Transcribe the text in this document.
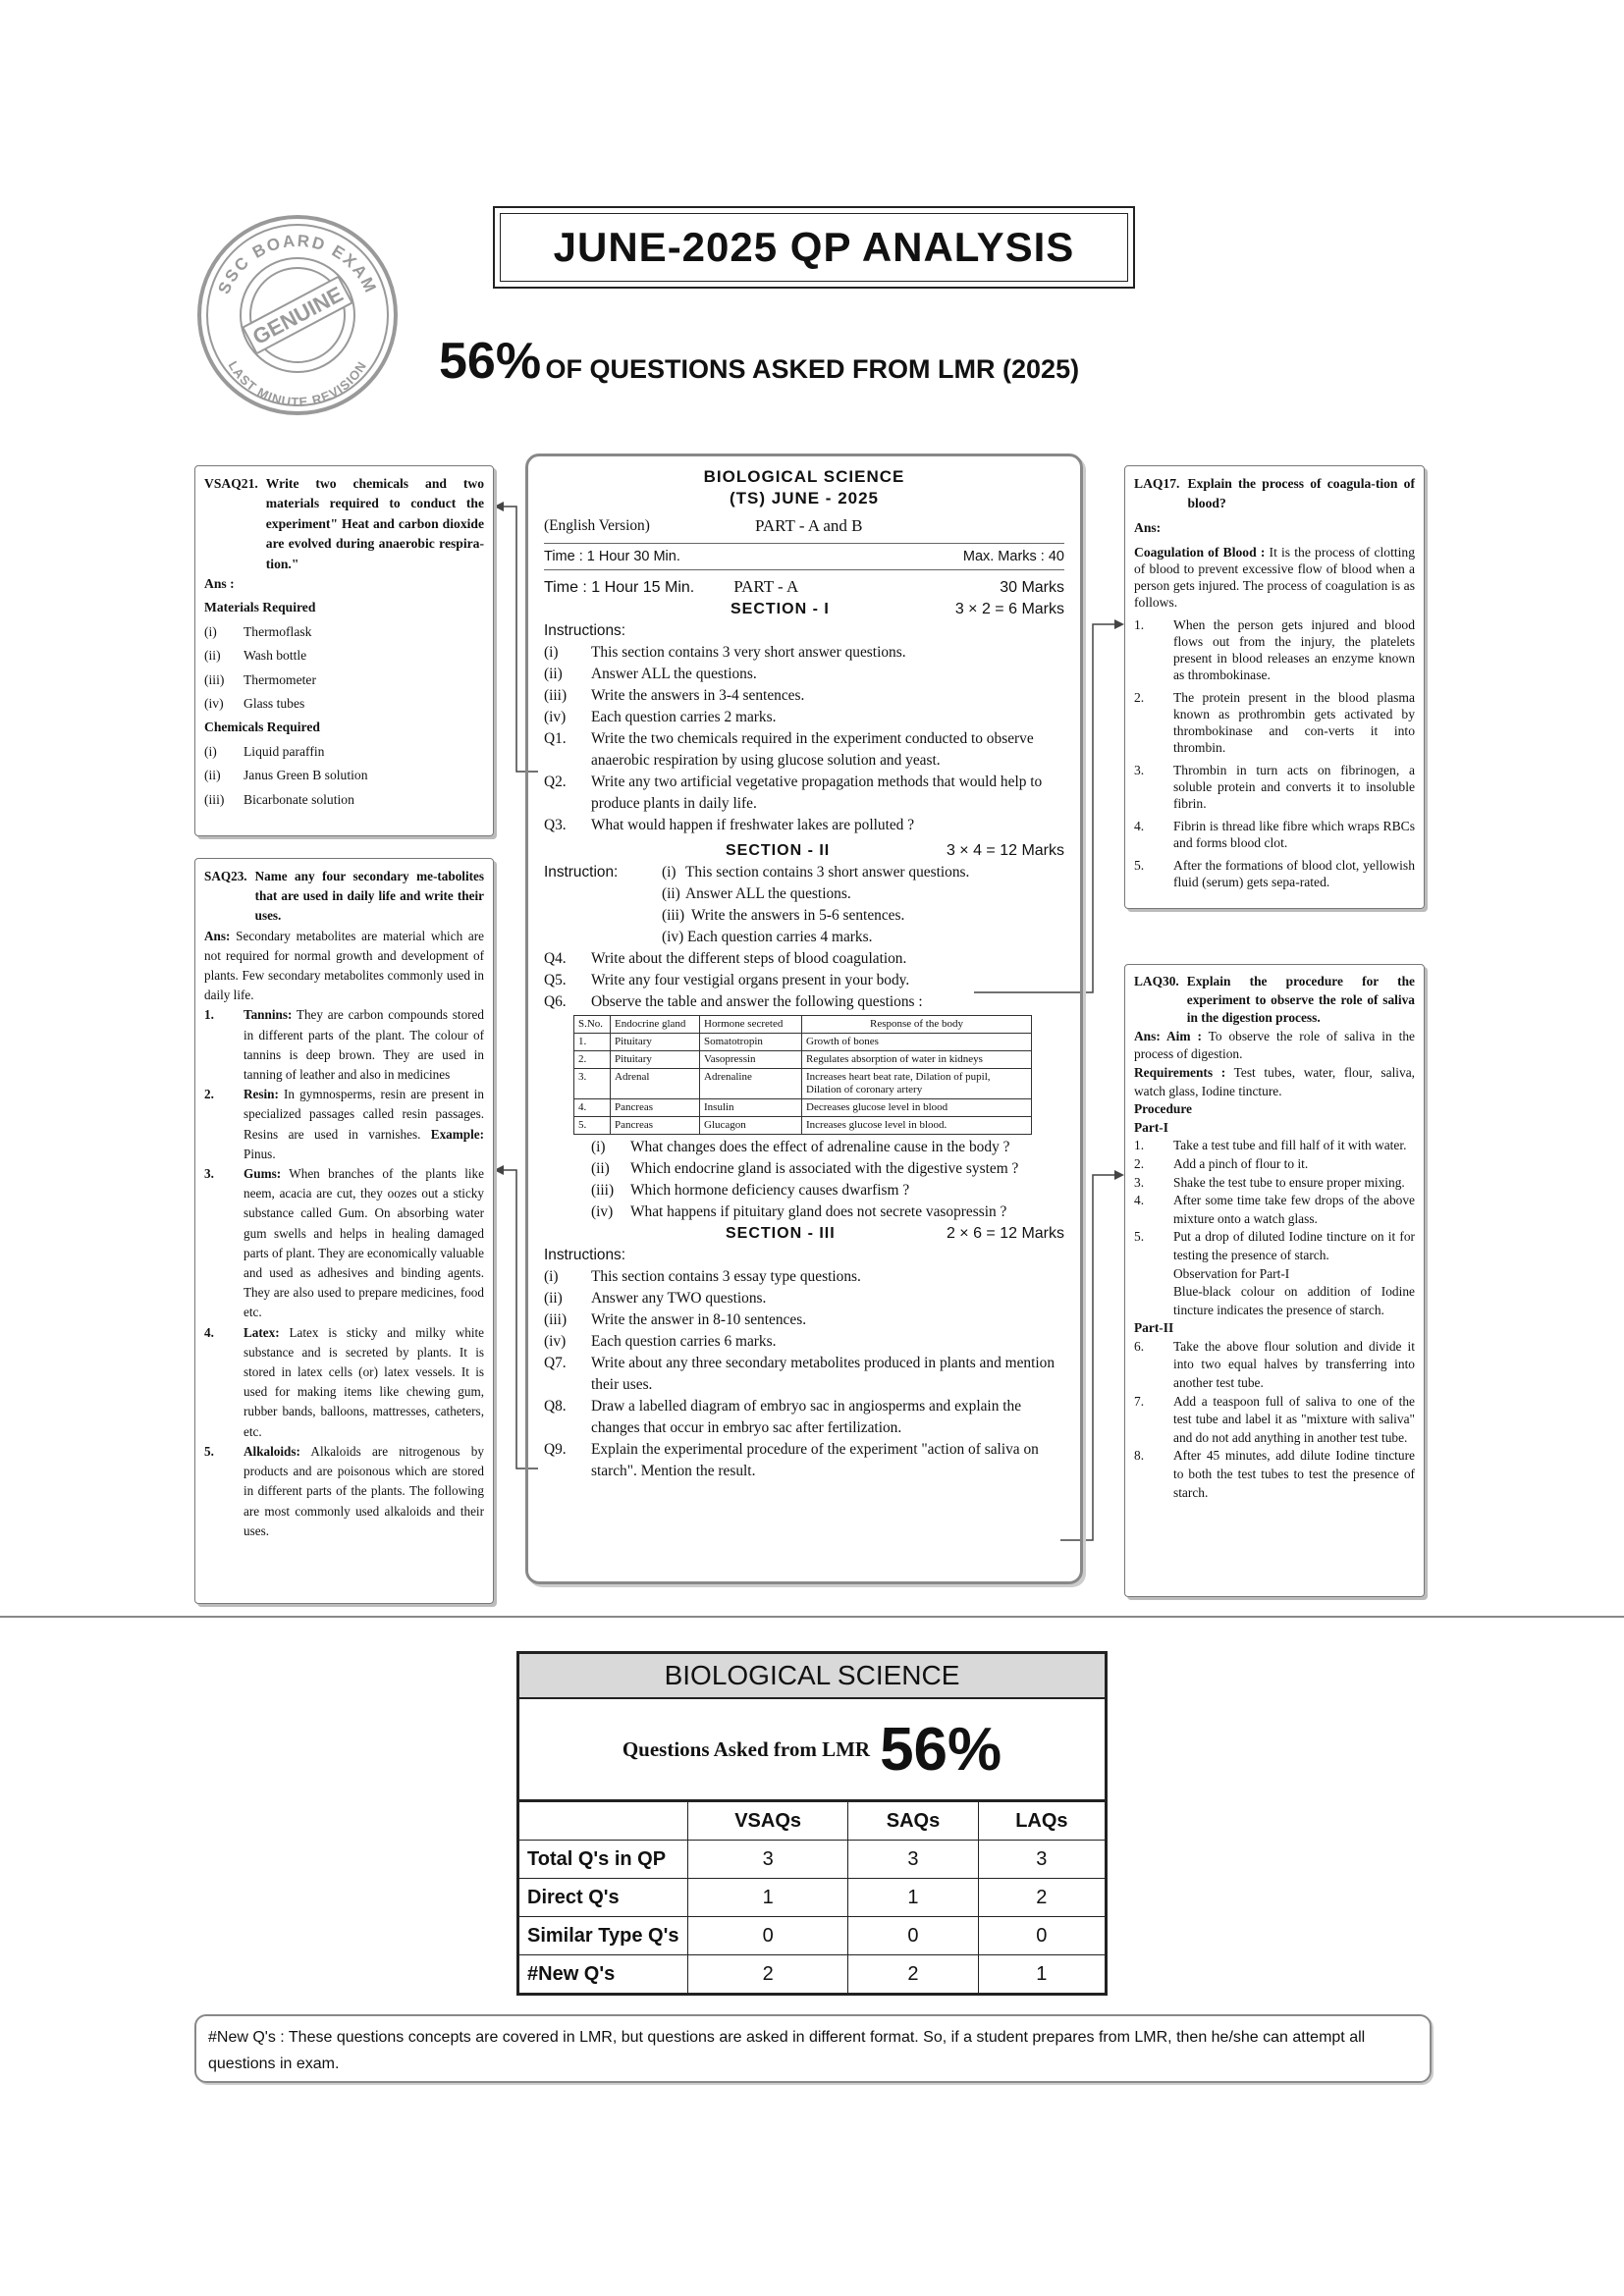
SSC BOARD EXAM
GENUINE
LAST MINUTE REVISION
JUNE-2025 QP ANALYSIS
56% OF QUESTIONS ASKED FROM LMR (2025)
VSAQ21. Write two chemicals and two materials required to conduct the experiment" Heat and carbon dioxide are evolved during anaerobic respira-tion."
Ans :
Materials Required
(i)	Thermoflask
(ii)	Wash bottle
(iii)	Thermometer
(iv)	Glass tubes
Chemicals Required
(i)	Liquid paraffin
(ii)	Janus Green B solution
(iii)	Bicarbonate solution
SAQ23. Name any four secondary me-tabolites that are used in daily life and write their uses.

Ans: Secondary metabolites are material which are not required for normal growth and development of plants. Few secondary metabolites commonly used in daily life.

1.	Tannins: They are carbon compounds stored in different parts of the plant. The colour of tannins is deep brown. They are used in tanning of leather and also in medicines
2.	Resin: In gymnosperms, resin are present in specialized passages called resin passages. Resins are used in varnishes. Example: Pinus.
3.	Gums: When branches of the plants like neem, acacia are cut, they oozes out a sticky substance called Gum. On absorbing water gum swells and helps in healing damaged parts of plant. They are economically valuable and used as adhesives and binding agents. They are also used to prepare medicines, food etc.
4.	Latex: Latex is sticky and milky white substance and is secreted by plants. It is stored in latex cells (or) latex vessels. It is used for making items like chewing gum, rubber bands, balloons, mattresses, catheters, etc.
5.	Alkaloids: Alkaloids are nitrogenous by products and are poisonous which are stored in different parts of the plants. The following are most commonly used alkaloids and their uses.
BIOLOGICAL SCIENCE
(TS) JUNE - 2025
(English Version)	PART - A and B
Time : 1 Hour 30 Min.	Max. Marks : 40
Time : 1 Hour 15 Min. PART - A	30 Marks
SECTION - I	3 × 2 = 6 Marks
Instructions:
(i)	This section contains 3 very short answer questions.
(ii)	Answer ALL the questions.
(iii)	Write the answers in 3-4 sentences.
(iv)	Each question carries 2 marks.
Q1.	Write the two chemicals required in the experiment conducted to observe anaerobic respiration by using glucose solution and yeast.
Q2.	Write any two artificial vegetative propagation methods that would help to produce plants in daily life.
Q3.	What would happen if freshwater lakes are polluted ?
SECTION - II	3 × 4 = 12 Marks
Instruction:	(i) This section contains 3 short answer questions.
(ii) Answer ALL the questions.
(iii) Write the answers in 5-6 sentences.
(iv) Each question carries 4 marks.
Q4.	Write about the different steps of blood coagulation.
Q5.	Write any four vestigial organs present in your body.
Q6.	Observe the table and answer the following questions :
S.No.	Endocrine gland	Hormone secreted	Response of the body
1.	Pituitary	Somatotropin	Growth of bones
2.	Pituitary	Vasopressin	Regulates absorption of water in kidneys
3.	Adrenal	Adrenaline	Increases heart beat rate, Dilation of pupil, Dilation of coronary artery
4.	Pancreas	Insulin	Decreases glucose level in blood
5.	Pancreas	Glucagon	Increases glucose level in blood.
(i)	What changes does the effect of adrenaline cause in the body ?
(ii)	Which endocrine gland is associated with the digestive system ?
(iii)	Which hormone deficiency causes dwarfism ?
(iv)	What happens if pituitary gland does not secrete vasopressin ?
SECTION - III	2 × 6 = 12 Marks
Instructions:
(i)	This section contains 3 essay type questions.
(ii)	Answer any TWO questions.
(iii)	Write the answer in 8-10 sentences.
(iv)	Each question carries 6 marks.
Q7.	Write about any three secondary metabolites produced in plants and mention their uses.
Q8.	Draw a labelled diagram of embryo sac in angiosperms and explain the changes that occur in embryo sac after fertilization.
Q9.	Explain the experimental procedure of the experiment "action of saliva on starch". Mention the result.
LAQ17. Explain the process of coagula-tion of blood?
Ans:

Coagulation of Blood : It is the process of clotting of blood to prevent excessive flow of blood when a person gets injured. The process of coagulation is as follows.

1.	When the person gets injured and blood flows out from the injury, the platelets present in blood releases an enzyme known as thrombokinase.
2.	The protein present in the blood plasma known as prothrombin gets activated by thrombokinase and con-verts it into thrombin.
3.	Thrombin in turn acts on fibrinogen, a soluble protein and converts it to insoluble fibrin.
4.	Fibrin is thread like fibre which wraps RBCs and forms blood clot.
5.	After the formations of blood clot, yellowish fluid (serum) gets sepa-rated.
LAQ30. Explain the procedure for the experiment to observe the role of saliva in the digestion process.

Ans: Aim : To observe the role of saliva in the process of digestion.

Requirements : Test tubes, water, flour, saliva, watch glass, Iodine tincture.

Procedure
Part-I
1.	Take a test tube and fill half of it with water.
2.	Add a pinch of flour to it.
3.	Shake the test tube to ensure proper mixing.
4.	After some time take few drops of the above mixture onto a watch glass.
5.	Put a drop of diluted Iodine tincture on it for testing the presence of starch.
Observation for Part-I
Blue-black colour on addition of Iodine tincture indicates the presence of starch.
Part-II
6.	Take the above flour solution and divide it into two equal halves by transferring into another test tube.
7.	Add a teaspoon full of saliva to one of the test tube and label it as "mixture with saliva" and do not add anything in another test tube.
8.	After 45 minutes, add dilute Iodine tincture to both the test tubes to test the presence of starch.
BIOLOGICAL SCIENCE
Questions Asked from LMR 56%
	VSAQs	SAQs	LAQs
Total Q's in QP	3	3	3
Direct Q's	1	1	2
Similar Type Q's	0	0	0
#New Q's	2	2	1
#New Q's : These questions concepts are covered in LMR, but questions are asked in different format. So, if a student prepares from LMR, then he/she can attempt all questions in exam.
